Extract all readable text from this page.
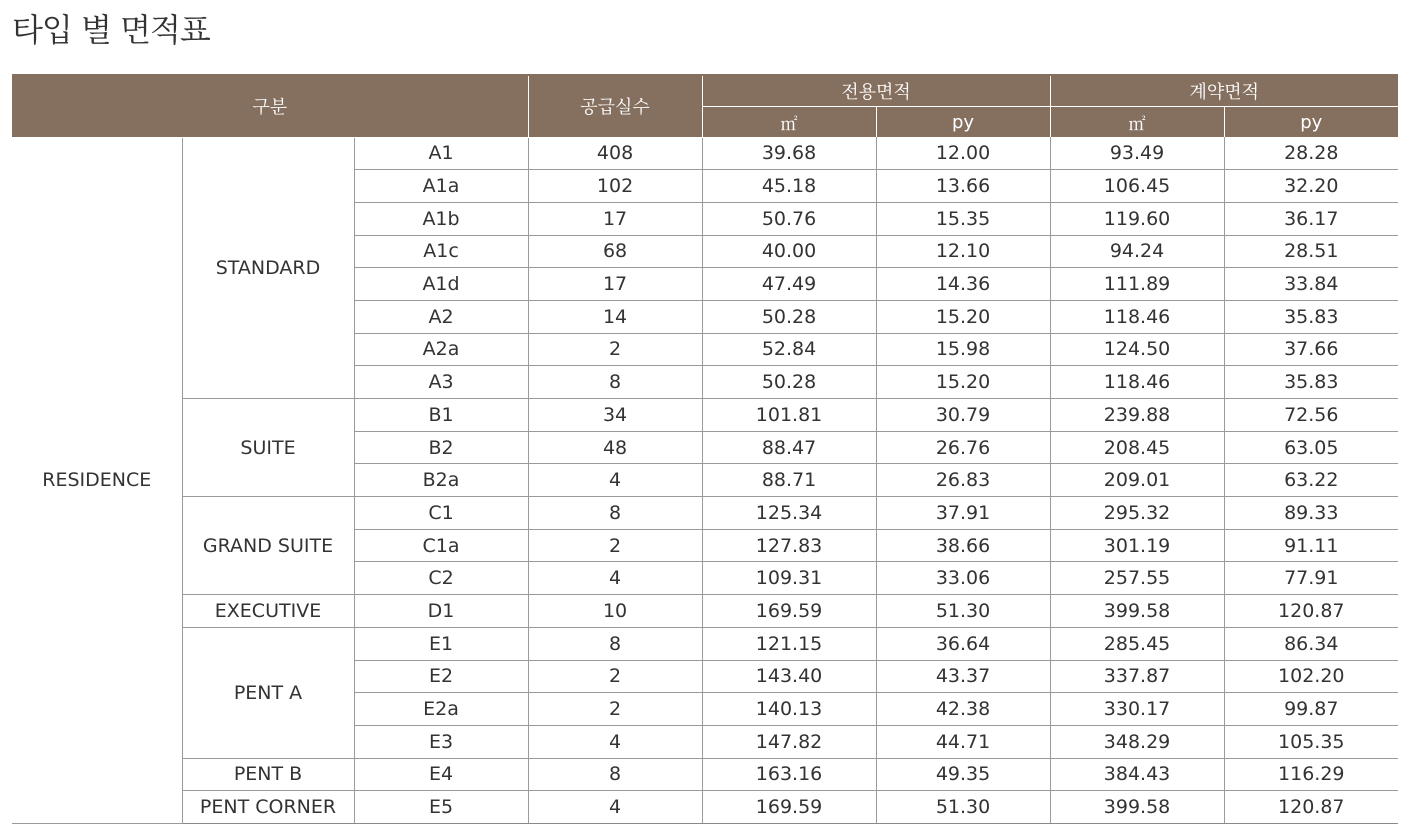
타입 별 면적표
구분			공급실수	전용면적		계약면적	
				㎡	py	㎡	py
RESIDENCE	STANDARD	A1	408	39.68	12.00	93.49	28.28
		A1a	102	45.18	13.66	106.45	32.20
		A1b	17	50.76	15.35	119.60	36.17
		A1c	68	40.00	12.10	94.24	28.51
		A1d	17	47.49	14.36	111.89	33.84
		A2	14	50.28	15.20	118.46	35.83
		A2a	2	52.84	15.98	124.50	37.66
		A3	8	50.28	15.20	118.46	35.83
	SUITE	B1	34	101.81	30.79	239.88	72.56
		B2	48	88.47	26.76	208.45	63.05
		B2a	4	88.71	26.83	209.01	63.22
	GRAND SUITE	C1	8	125.34	37.91	295.32	89.33
		C1a	2	127.83	38.66	301.19	91.11
		C2	4	109.31	33.06	257.55	77.91
	EXECUTIVE	D1	10	169.59	51.30	399.58	120.87
	PENT A	E1	8	121.15	36.64	285.45	86.34
		E2	2	143.40	43.37	337.87	102.20
		E2a	2	140.13	42.38	330.17	99.87
		E3	4	147.82	44.71	348.29	105.35
	PENT B	E4	8	163.16	49.35	384.43	116.29
	PENT CORNER	E5	4	169.59	51.30	399.58	120.87
